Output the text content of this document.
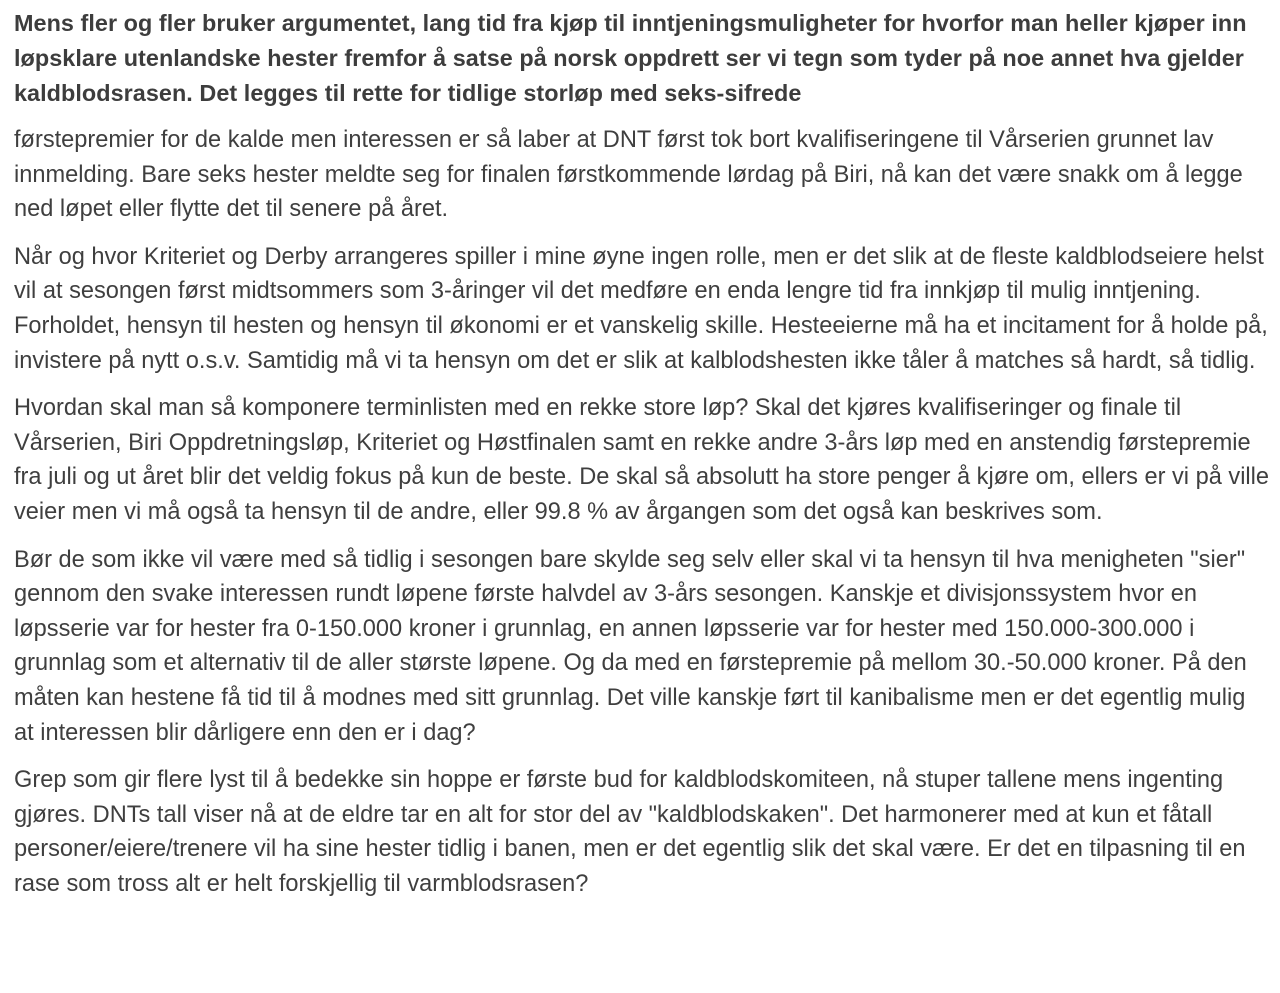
Mens fler og fler bruker argumentet, lang tid fra kjøp til inntjeningsmuligheter for hvorfor man heller kjøper inn løpsklare utenlandske hester fremfor å satse på norsk oppdrett ser vi tegn som tyder på noe annet hva gjelder kaldblodsrasen. Det legges til rette for tidlige storløp med seks-sifrede

førstepremier for de kalde men interessen er så laber at DNT først tok bort kvalifiseringene til Vårserien grunnet lav innmelding. Bare seks hester meldte seg for finalen førstkommende lørdag på Biri, nå kan det være snakk om å legge ned løpet eller flytte det til senere på året.

Når og hvor Kriteriet og Derby arrangeres spiller i mine øyne ingen rolle, men er det slik at de fleste kaldblodseiere helst vil at sesongen først midtsommers som 3-åringer vil det medføre en enda lengre tid fra innkjøp til mulig inntjening. Forholdet, hensyn til hesten og hensyn til økonomi er et vanskelig skille. Hesteeierne må ha et incitament for å holde på, invistere på nytt o.s.v. Samtidig må vi ta hensyn om det er slik at kalblodshesten ikke tåler å matches så hardt, så tidlig.

Hvordan skal man så komponere terminlisten med en rekke store løp? Skal det kjøres kvalifiseringer og finale til Vårserien, Biri Oppdretningsløp, Kriteriet og Høstfinalen samt en rekke andre 3-års løp med en anstendig førstepremie fra juli og ut året blir det veldig fokus på kun de beste. De skal så absolutt ha store penger å kjøre om, ellers er vi på ville veier men vi må også ta hensyn til de andre, eller 99.8 % av årgangen som det også kan beskrives som.

Bør de som ikke vil være med så tidlig i sesongen bare skylde seg selv eller skal vi ta hensyn til hva menigheten "sier" gennom den svake interessen rundt løpene første halvdel av 3-års sesongen. Kanskje et divisjonssystem hvor en løpsserie var for hester fra 0-150.000 kroner i grunnlag, en annen løpsserie var for hester med 150.000-300.000 i grunnlag som et alternativ til de aller største løpene. Og da med en førstepremie på mellom 30.-50.000 kroner. På den måten kan hestene få tid til å modnes med sitt grunnlag. Det ville kanskje ført til kanibalisme men er det egentlig mulig at interessen blir dårligere enn den er i dag?

Grep som gir flere lyst til å bedekke sin hoppe er første bud for kaldblodskomiteen, nå stuper tallene mens ingenting gjøres. DNTs tall viser nå at de eldre tar en alt for stor del av "kaldblodskaken". Det harmonerer med at kun et fåtall personer/eiere/trenere vil ha sine hester tidlig i banen, men er det egentlig slik det skal være. Er det en tilpasning til en rase som tross alt er helt forskjellig til varmblodsrasen?
